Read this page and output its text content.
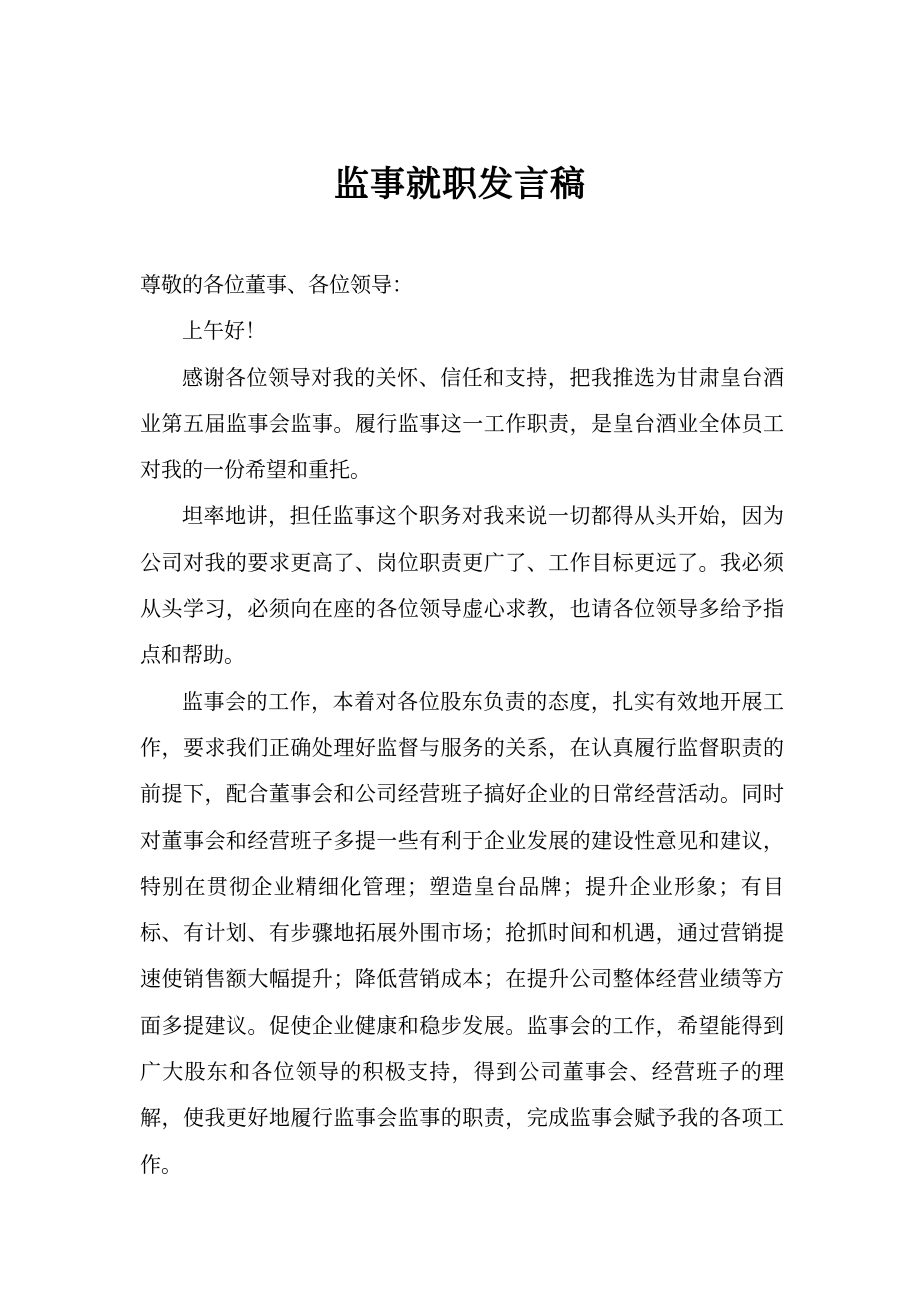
监事就职发言稿

尊敬的各位董事、各位领导：

上午好！

感谢各位领导对我的关怀、信任和支持，把我推选为甘肃皇台酒业第五届监事会监事。履行监事这一工作职责，是皇台酒业全体员工对我的一份希望和重托。

坦率地讲，担任监事这个职务对我来说一切都得从头开始，因为公司对我的要求更高了、岗位职责更广了、工作目标更远了。我必须从头学习，必须向在座的各位领导虚心求教，也请各位领导多给予指点和帮助。

监事会的工作，本着对各位股东负责的态度，扎实有效地开展工作，要求我们正确处理好监督与服务的关系，在认真履行监督职责的前提下，配合董事会和公司经营班子搞好企业的日常经营活动。同时对董事会和经营班子多提一些有利于企业发展的建设性意见和建议，特别在贯彻企业精细化管理；塑造皇台品牌；提升企业形象；有目标、有计划、有步骤地拓展外围市场；抢抓时间和机遇，通过营销提速使销售额大幅提升；降低营销成本；在提升公司整体经营业绩等方面多提建议。促使企业健康和稳步发展。监事会的工作，希望能得到广大股东和各位领导的积极支持，得到公司董事会、经营班子的理解，使我更好地履行监事会监事的职责，完成监事会赋予我的各项工作。
